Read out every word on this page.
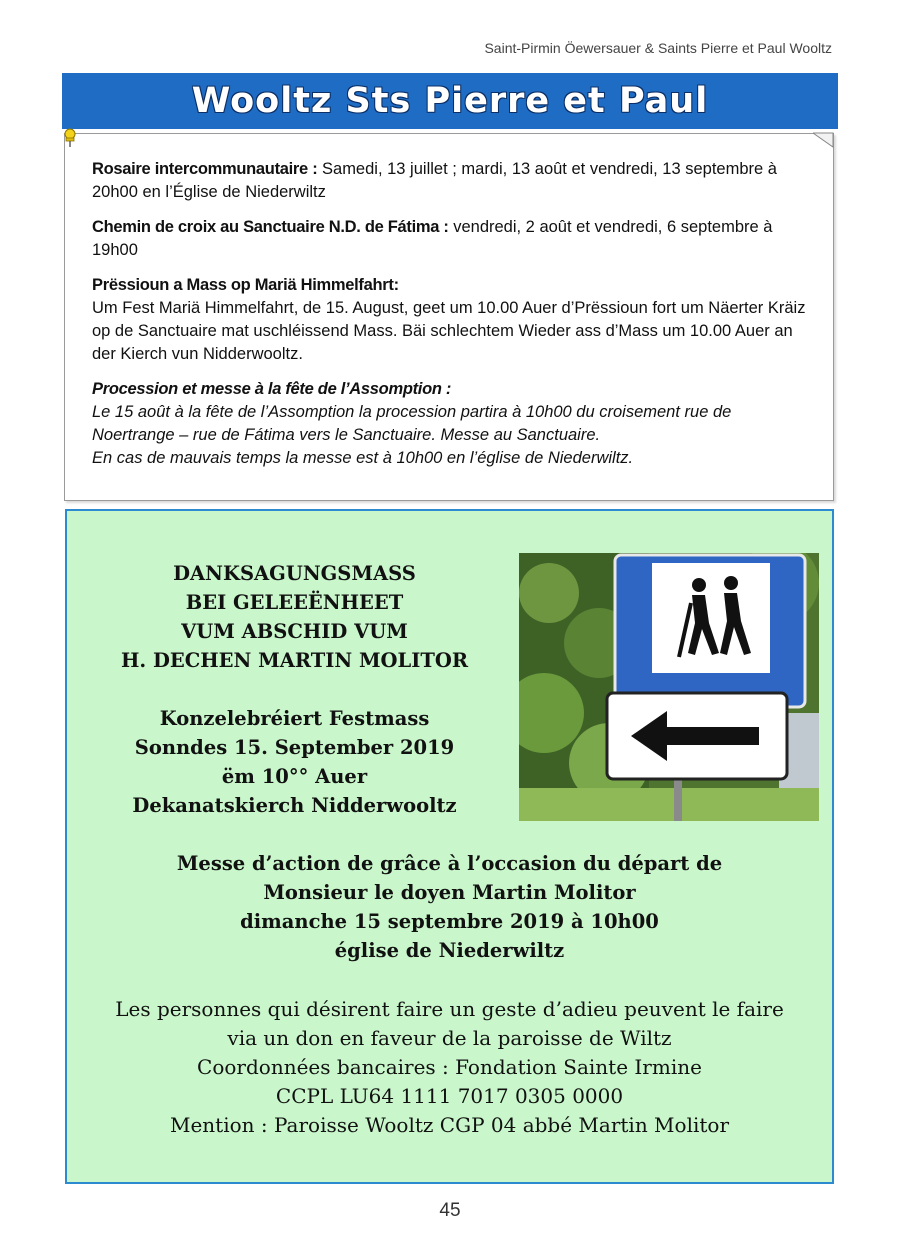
Saint-Pirmin Öewersauer & Saints Pierre et Paul Wooltz
Wooltz Sts Pierre et Paul

Rosaire intercommunautaire : Samedi, 13 juillet ; mardi, 13 août et vendredi, 13 septembre à 20h00 en l’Église de Niederwiltz

Chemin de croix au Sanctuaire N.D. de Fátima : vendredi, 2 août et vendredi, 6 septembre à 19h00

Prëssioun a Mass op Mariä Himmelfahrt:
Um Fest Mariä Himmelfahrt, de 15. August, geet um 10.00 Auer d’Prëssioun fort um Näerter Kräiz op de Sanctuaire mat uschléissend Mass. Bäi schlechtem Wieder ass d’Mass um 10.00 Auer an der Kierch vun Nidderwooltz.

Procession et messe à la fête de l’Assomption :
Le 15 août à la fête de l’Assomption la procession partira à 10h00 du croisement rue de Noertrange – rue de Fátima vers le Sanctuaire. Messe au Sanctuaire.
En cas de mauvais temps la messe est à 10h00 en l’église de Niederwiltz.

DANKSAGUNGSMASS
BEI GELEEËNHEET
VUM ABSCHID VUM
H. DECHEN MARTIN MOLITOR
Konzelebréiert Festmass
Sonndes 15. September 2019
ëm 10°° Auer
Dekanatskierch Nidderwooltz
Messe d’action de grâce à l’occasion du départ de
Monsieur le doyen Martin Molitor
dimanche 15 septembre 2019 à 10h00
église de Niederwiltz
Les personnes qui désirent faire un geste d’adieu peuvent le faire
via un don en faveur de la paroisse de Wiltz
Coordonnées bancaires : Fondation Sainte Irmine
CCPL LU64 1111 7017 0305 0000
Mention : Paroisse Wooltz CGP 04 abbé Martin Molitor
45
